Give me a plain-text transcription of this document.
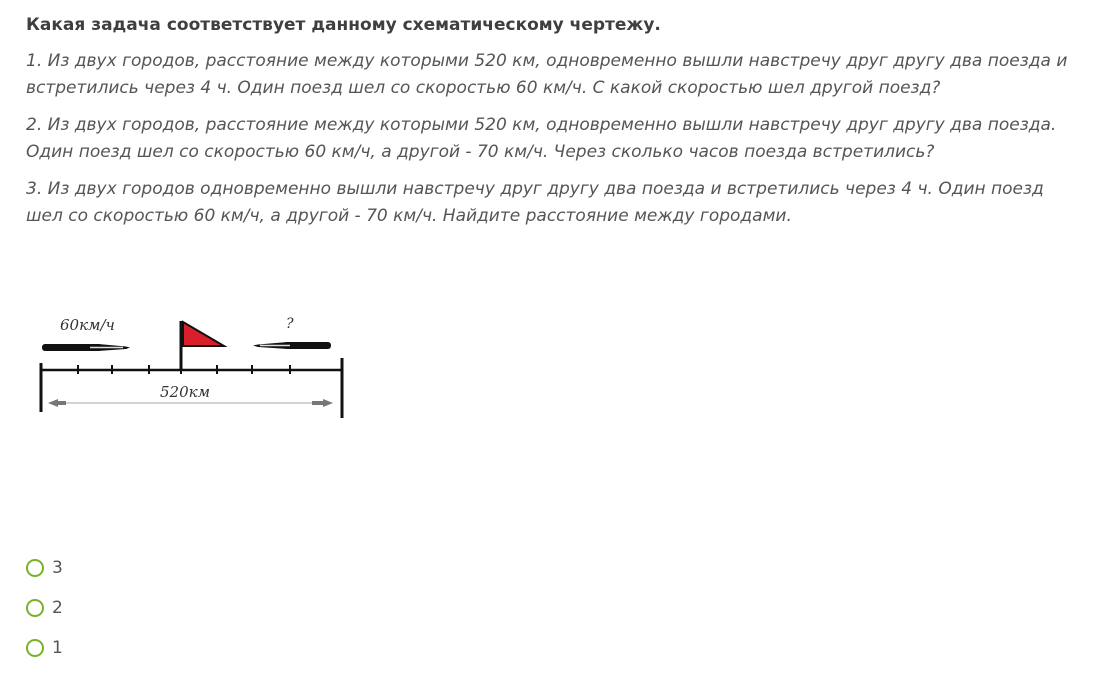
Какая задача соответствует данному схематическому чертежу.
1. Из двух городов, расстояние между которыми 520 км, одновременно вышли навстречу друг другу два поезда и встретились через 4 ч. Один поезд шел со скоростью 60 км/ч. С какой скоростью шел другой поезд?
2. Из двух городов, расстояние между которыми 520 км, одновременно вышли навстречу друг другу два поезда. Один поезд шел со скоростью 60 км/ч, а другой - 70 км/ч. Через сколько часов поезда встретились?
3. Из двух городов одновременно вышли навстречу друг другу два поезда и встретились через 4 ч. Один поезд шел со скоростью 60 км/ч, а другой - 70 км/ч. Найдите расстояние между городами.
60км/ч	?
520км
3
2
1
